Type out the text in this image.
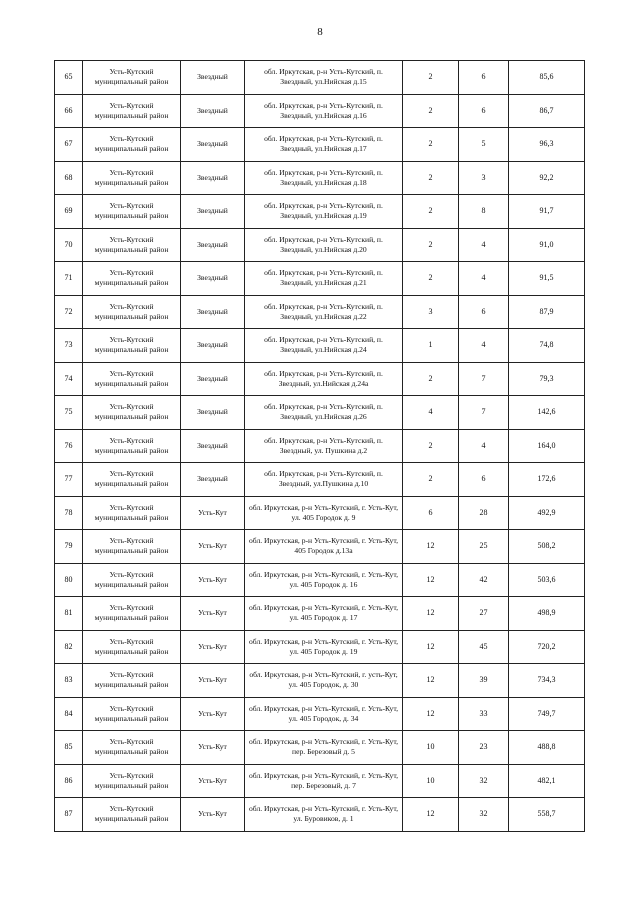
8
65	Усть-Кутский муниципальный район	Звездный	обл. Иркутская, р-н Усть-Кутский, п. Звездный, ул.Нийская д.15	2	6	85,6
66	Усть-Кутский муниципальный район	Звездный	обл. Иркутская, р-н Усть-Кутский, п. Звездный, ул.Нийская д.16	2	6	86,7
67	Усть-Кутский муниципальный район	Звездный	обл. Иркутская, р-н Усть-Кутский, п. Звездный, ул.Нийская д.17	2	5	96,3
68	Усть-Кутский муниципальный район	Звездный	обл. Иркутская, р-н Усть-Кутский, п. Звездный, ул.Нийская д.18	2	3	92,2
69	Усть-Кутский муниципальный район	Звездный	обл. Иркутская, р-н Усть-Кутский, п. Звездный, ул.Нийская д.19	2	8	91,7
70	Усть-Кутский муниципальный район	Звездный	обл. Иркутская, р-н Усть-Кутский, п. Звездный, ул.Нийская д.20	2	4	91,0
71	Усть-Кутский муниципальный район	Звездный	обл. Иркутская, р-н Усть-Кутский, п. Звездный, ул.Нийская д.21	2	4	91,5
72	Усть-Кутский муниципальный район	Звездный	обл. Иркутская, р-н Усть-Кутский, п. Звездный, ул.Нийская д.22	3	6	87,9
73	Усть-Кутский муниципальный район	Звездный	обл. Иркутская, р-н Усть-Кутский, п. Звездный, ул.Нийская д.24	1	4	74,8
74	Усть-Кутский муниципальный район	Звездный	обл. Иркутская, р-н Усть-Кутский, п. Звездный, ул.Нийская д.24а	2	7	79,3
75	Усть-Кутский муниципальный район	Звездный	обл. Иркутская, р-н Усть-Кутский, п. Звездный, ул.Нийская д.26	4	7	142,6
76	Усть-Кутский муниципальный район	Звездный	обл. Иркутская, р-н Усть-Кутский, п. Звездный, ул. Пушкина д.2	2	4	164,0
77	Усть-Кутский муниципальный район	Звездный	обл. Иркутская, р-н Усть-Кутский, п. Звездный, ул.Пушкина д.10	2	6	172,6
78	Усть-Кутский муниципальный район	Усть-Кут	обл. Иркутская, р-н Усть-Кутский, г. Усть-Кут, ул. 405 Городок д. 9	6	28	492,9
79	Усть-Кутский муниципальный район	Усть-Кут	обл. Иркутская, р-н Усть-Кутский, г. Усть-Кут, 405 Городок д.13а	12	25	508,2
80	Усть-Кутский муниципальный район	Усть-Кут	обл. Иркутская, р-н Усть-Кутский, г. Усть-Кут, ул. 405 Городок д. 16	12	42	503,6
81	Усть-Кутский муниципальный район	Усть-Кут	обл. Иркутская, р-н Усть-Кутский, г. Усть-Кут, ул. 405 Городок д. 17	12	27	498,9
82	Усть-Кутский муниципальный район	Усть-Кут	обл. Иркутская, р-н Усть-Кутский, г. Усть-Кут, ул. 405 Городок д. 19	12	45	720,2
83	Усть-Кутский муниципальный район	Усть-Кут	обл. Иркутская, р-н Усть-Кутский, г. усть-Кут, ул. 405 Городок, д. 30	12	39	734,3
84	Усть-Кутский муниципальный район	Усть-Кут	обл. Иркутская, р-н Усть-Кутский, г. Усть-Кут, ул. 405 Городок, д. 34	12	33	749,7
85	Усть-Кутский муниципальный район	Усть-Кут	обл. Иркутская, р-н Усть-Кутский, г. Усть-Кут, пер. Березовый д. 5	10	23	488,8
86	Усть-Кутский муниципальный район	Усть-Кут	обл. Иркутская, р-н Усть-Кутский, г. Усть-Кут, пер. Березовый, д. 7	10	32	482,1
87	Усть-Кутский муниципальный район	Усть-Кут	обл. Иркутская, р-н Усть-Кутский, г. Усть-Кут, ул. Буровиков, д. 1	12	32	558,7
